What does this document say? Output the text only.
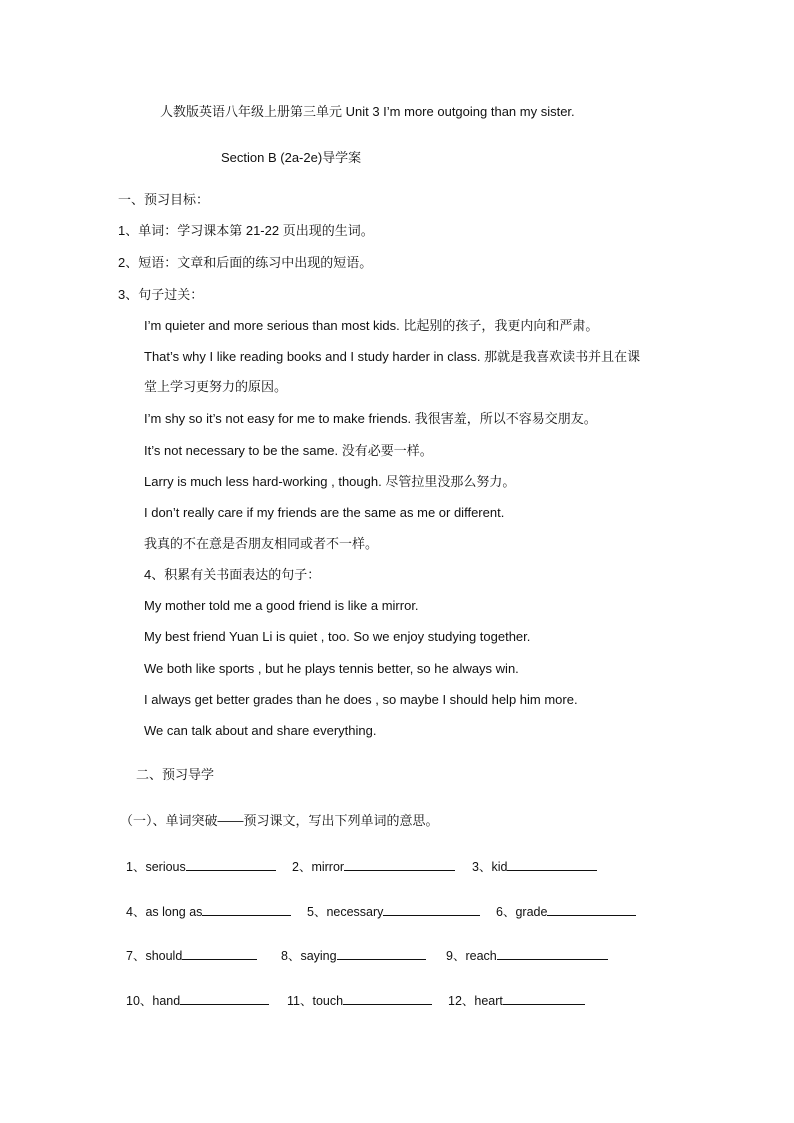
人教版英语八年级上册第三单元 Unit 3 I’m more outgoing than my sister.
Section B (2a-2e)导学案
一、预习目标：
1、单词：学习课本第 21-22 页出现的生词。
2、短语：文章和后面的练习中出现的短语。
3、句子过关：
I’m quieter and more serious than most kids. 比起别的孩子，我更内向和严肃。
That’s why I like reading books and I study harder in class. 那就是我喜欢读书并且在课
堂上学习更努力的原因。
I’m shy so it’s not easy for me to make friends. 我很害羞，所以不容易交朋友。
It’s not necessary to be the same. 没有必要一样。
Larry is much less hard-working , though. 尽管拉里没那么努力。
I don’t really care if my friends are the same as me or different.
我真的不在意是否朋友相同或者不一样。
4、积累有关书面表达的句子：
My mother told me a good friend is like a mirror.
My best friend Yuan Li is quiet , too. So we enjoy studying together.
We both like sports , but he plays tennis better, so he always win.
I always get better grades than he does , so maybe I should help him more.
We can talk about and share everything.
二、预习导学
（一）、单词突破——预习课文，写出下列单词的意思。
1、serious	2、mirror	3、kid
4、as long as	5、necessary	6、grade
7、should	8、saying	9、reach
10、hand	11、touch	12、heart
